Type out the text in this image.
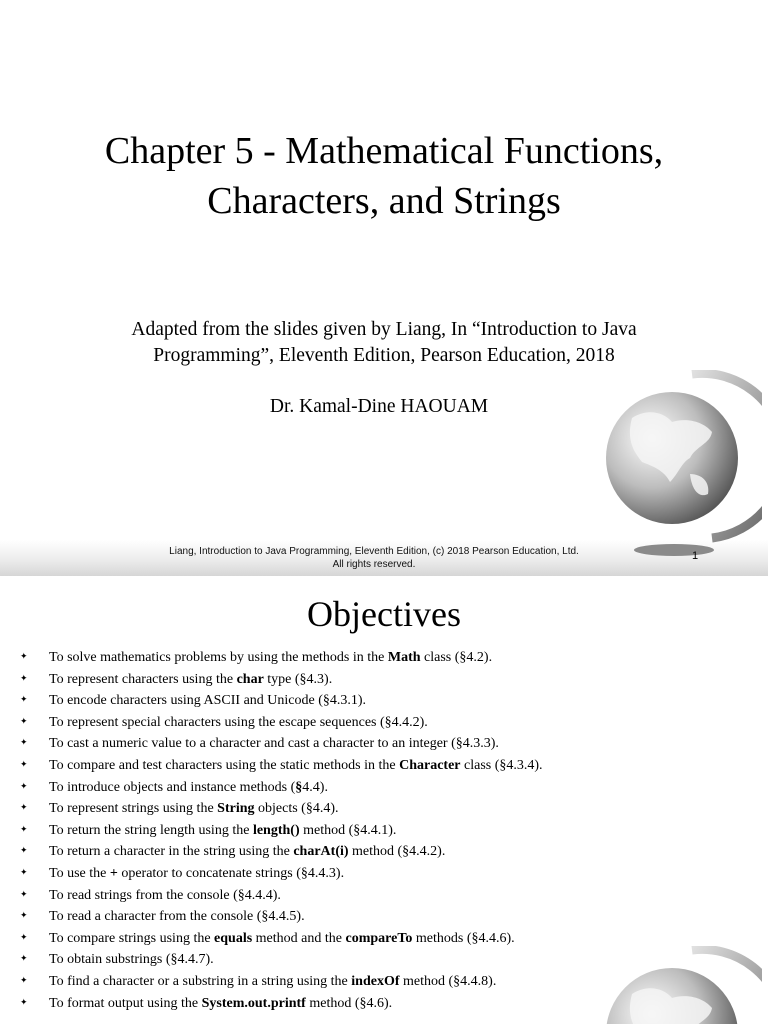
Chapter 5 - Mathematical Functions,
Characters, and Strings
Adapted from the slides given by Liang, In “Introduction to Java
Programming”, Eleventh Edition, Pearson Education, 2018
Dr. Kamal-Dine HAOUAM
Liang, Introduction to Java Programming, Eleventh Edition, (c) 2018 Pearson Education, Ltd.
All rights reserved.
1
Objectives
✦ To solve mathematics problems by using the methods in the Math class (§4.2).
✦ To represent characters using the char type (§4.3).
✦ To encode characters using ASCII and Unicode (§4.3.1).
✦ To represent special characters using the escape sequences (§4.4.2).
✦ To cast a numeric value to a character and cast a character to an integer (§4.3.3).
✦ To compare and test characters using the static methods in the Character class (§4.3.4).
✦ To introduce objects and instance methods (§4.4).
✦ To represent strings using the String objects (§4.4).
✦ To return the string length using the length() method (§4.4.1).
✦ To return a character in the string using the charAt(i) method (§4.4.2).
✦ To use the + operator to concatenate strings (§4.4.3).
✦ To read strings from the console (§4.4.4).
✦ To read a character from the console (§4.4.5).
✦ To compare strings using the equals method and the compareTo methods (§4.4.6).
✦ To obtain substrings (§4.4.7).
✦ To find a character or a substring in a string using the indexOf method (§4.4.8).
✦ To format output using the System.out.printf method (§4.6).
